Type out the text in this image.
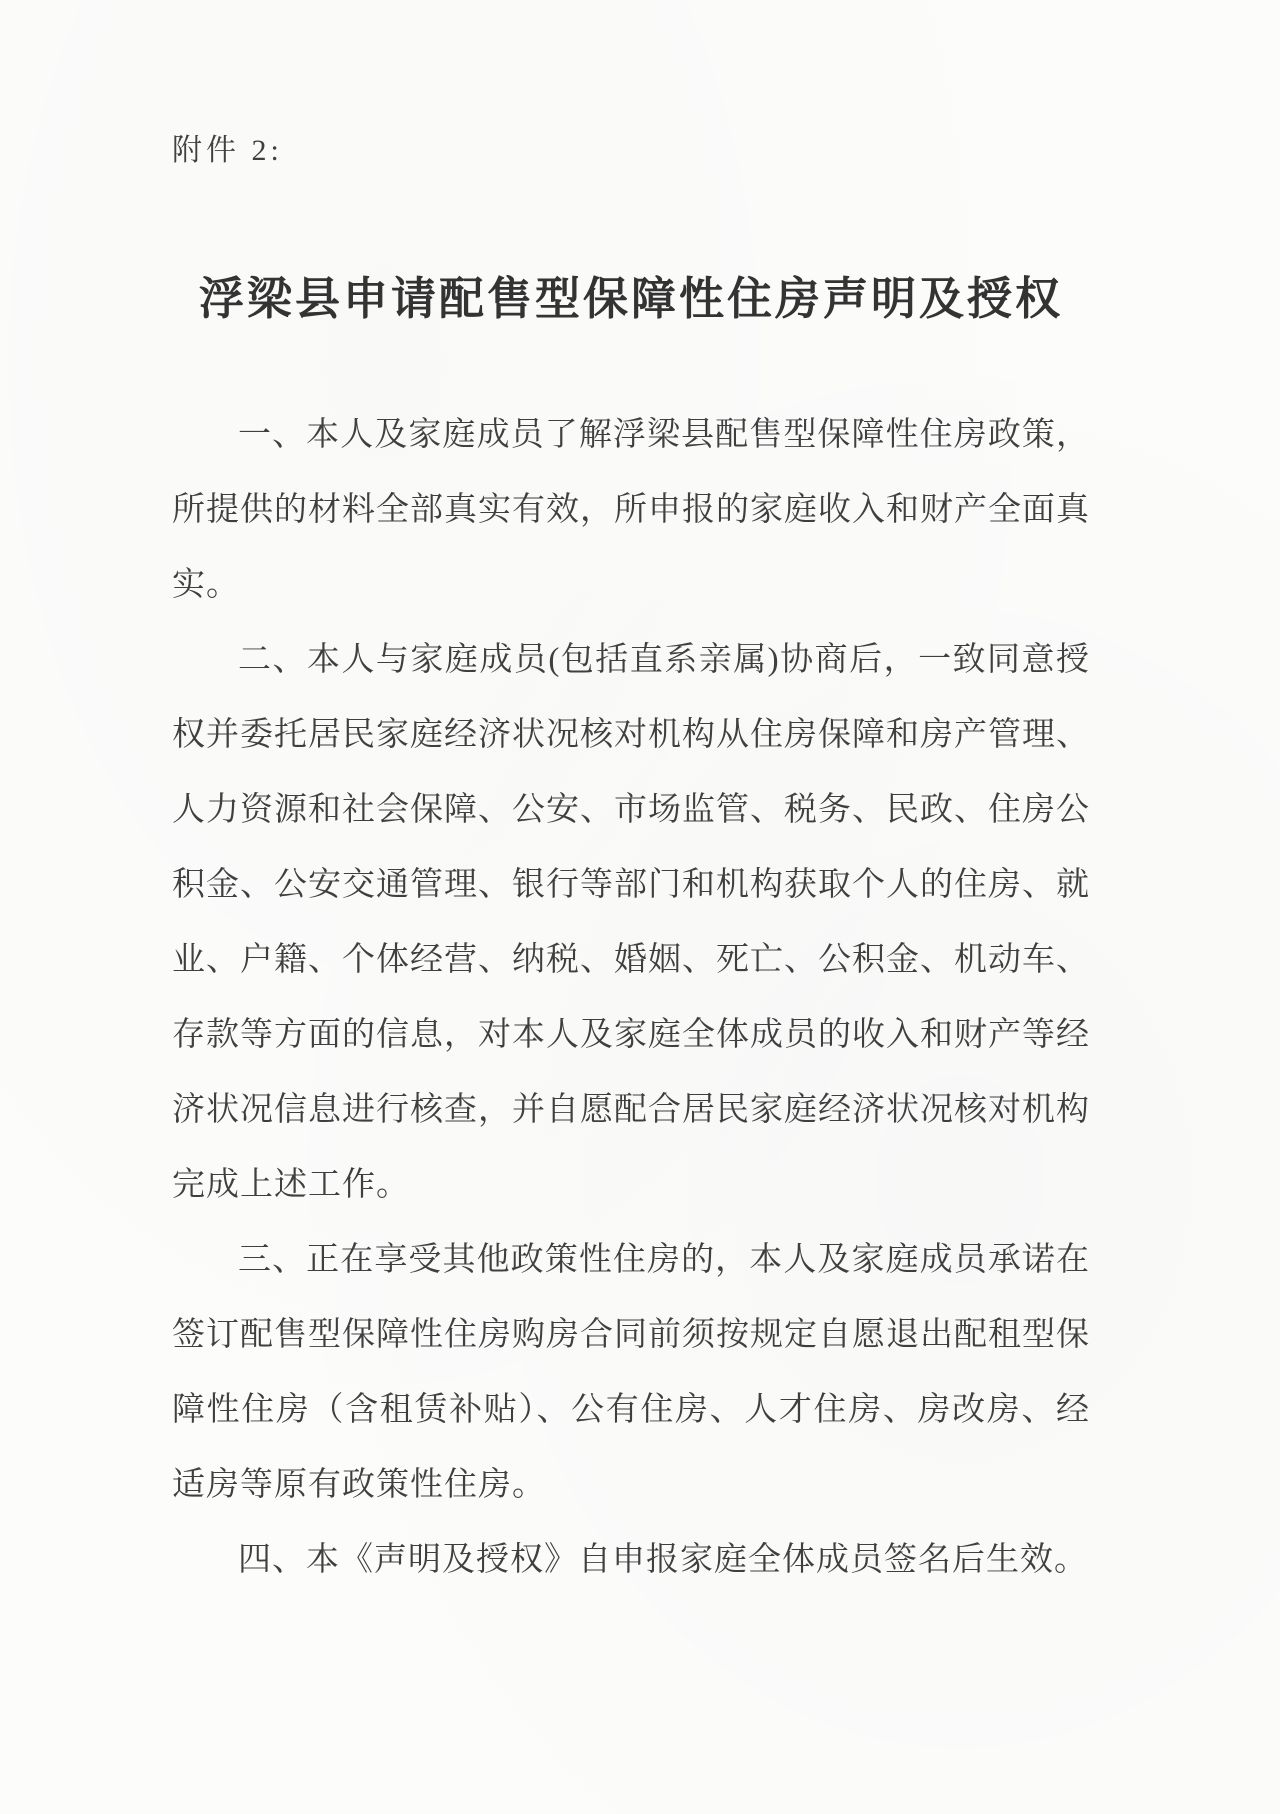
附件 2:
浮梁县申请配售型保障性住房声明及授权

一、本人及家庭成员了解浮梁县配售型保障性住房政策，所提供的材料全部真实有效，所申报的家庭收入和财产全面真实。

二、本人与家庭成员(包括直系亲属)协商后，一致同意授权并委托居民家庭经济状况核对机构从住房保障和房产管理、人力资源和社会保障、公安、市场监管、税务、民政、住房公积金、公安交通管理、银行等部门和机构获取个人的住房、就业、户籍、个体经营、纳税、婚姻、死亡、公积金、机动车、存款等方面的信息，对本人及家庭全体成员的收入和财产等经济状况信息进行核查，并自愿配合居民家庭经济状况核对机构完成上述工作。

三、正在享受其他政策性住房的，本人及家庭成员承诺在签订配售型保障性住房购房合同前须按规定自愿退出配租型保障性住房（含租赁补贴）、公有住房、人才住房、房改房、经适房等原有政策性住房。

四、本《声明及授权》自申报家庭全体成员签名后生效。
